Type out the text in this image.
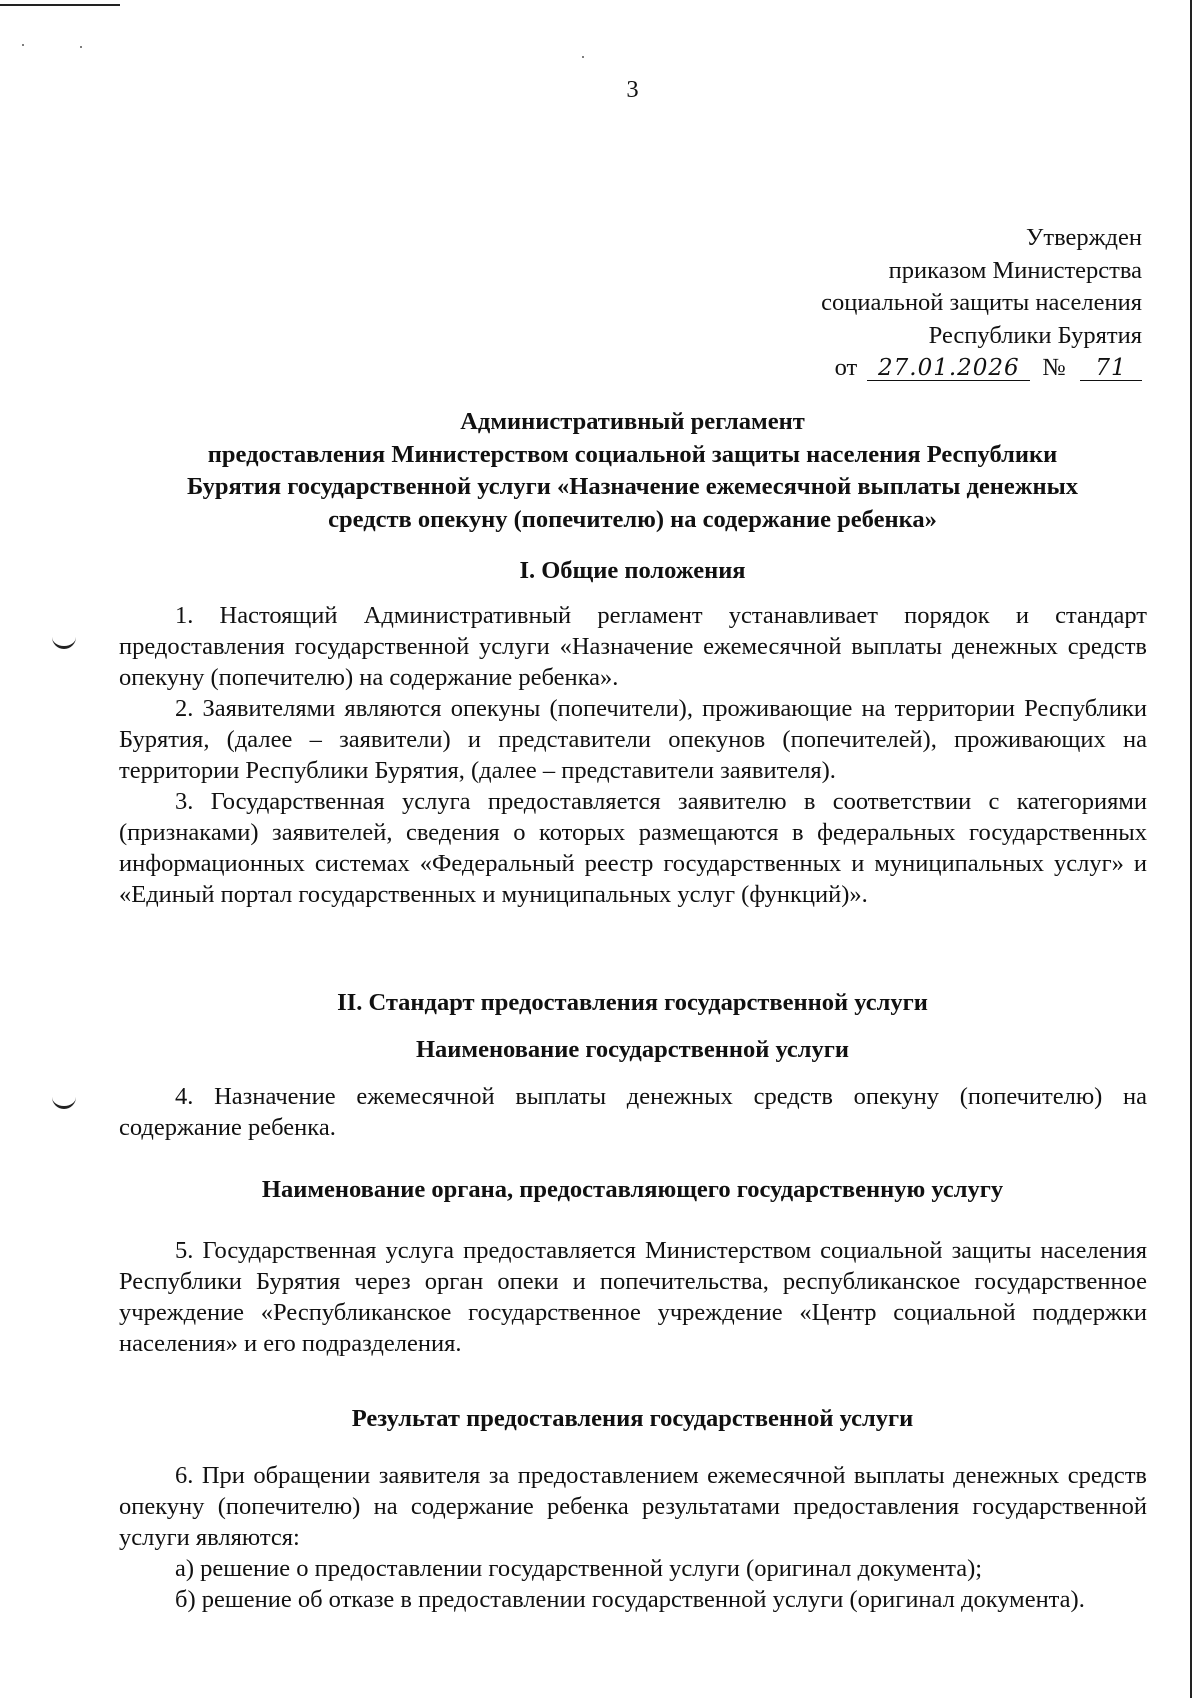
3
Утвержден
приказом Министерства
социальной защиты населения
Республики Бурятия
от 27.01.2026 № 71
Административный регламент
предоставления Министерством социальной защиты населения Республики
Бурятия государственной услуги «Назначение ежемесячной выплаты денежных
средств опекуну (попечителю) на содержание ребенка»
I. Общие положения

1. Настоящий Административный регламент устанавливает порядок и стандарт предоставления государственной услуги «Назначение ежемесячной выплаты денежных средств опекуну (попечителю) на содержание ребенка».

2. Заявителями являются опекуны (попечители), проживающие на территории Республики Бурятия, (далее – заявители) и представители опекунов (попечителей), проживающих на территории Республики Бурятия, (далее – представители заявителя).

3. Государственная услуга предоставляется заявителю в соответствии с категориями (признаками) заявителей, сведения о которых размещаются в федеральных государственных информационных системах «Федеральный реестр государственных и муниципальных услуг» и «Единый портал государственных и муниципальных услуг (функций)».

II. Стандарт предоставления государственной услуги
Наименование государственной услуги

4. Назначение ежемесячной выплаты денежных средств опекуну (попечителю) на содержание ребенка.

Наименование органа, предоставляющего государственную услугу

5. Государственная услуга предоставляется Министерством социальной защиты населения Республики Бурятия через орган опеки и попечительства, республиканское государственное учреждение «Республиканское государственное учреждение «Центр социальной поддержки населения» и его подразделения.

Результат предоставления государственной услуги

6. При обращении заявителя за предоставлением ежемесячной выплаты денежных средств опекуну (попечителю) на содержание ребенка результатами предоставления государственной услуги являются:

а) решение о предоставлении государственной услуги (оригинал документа);

б) решение об отказе в предоставлении государственной услуги (оригинал документа).
